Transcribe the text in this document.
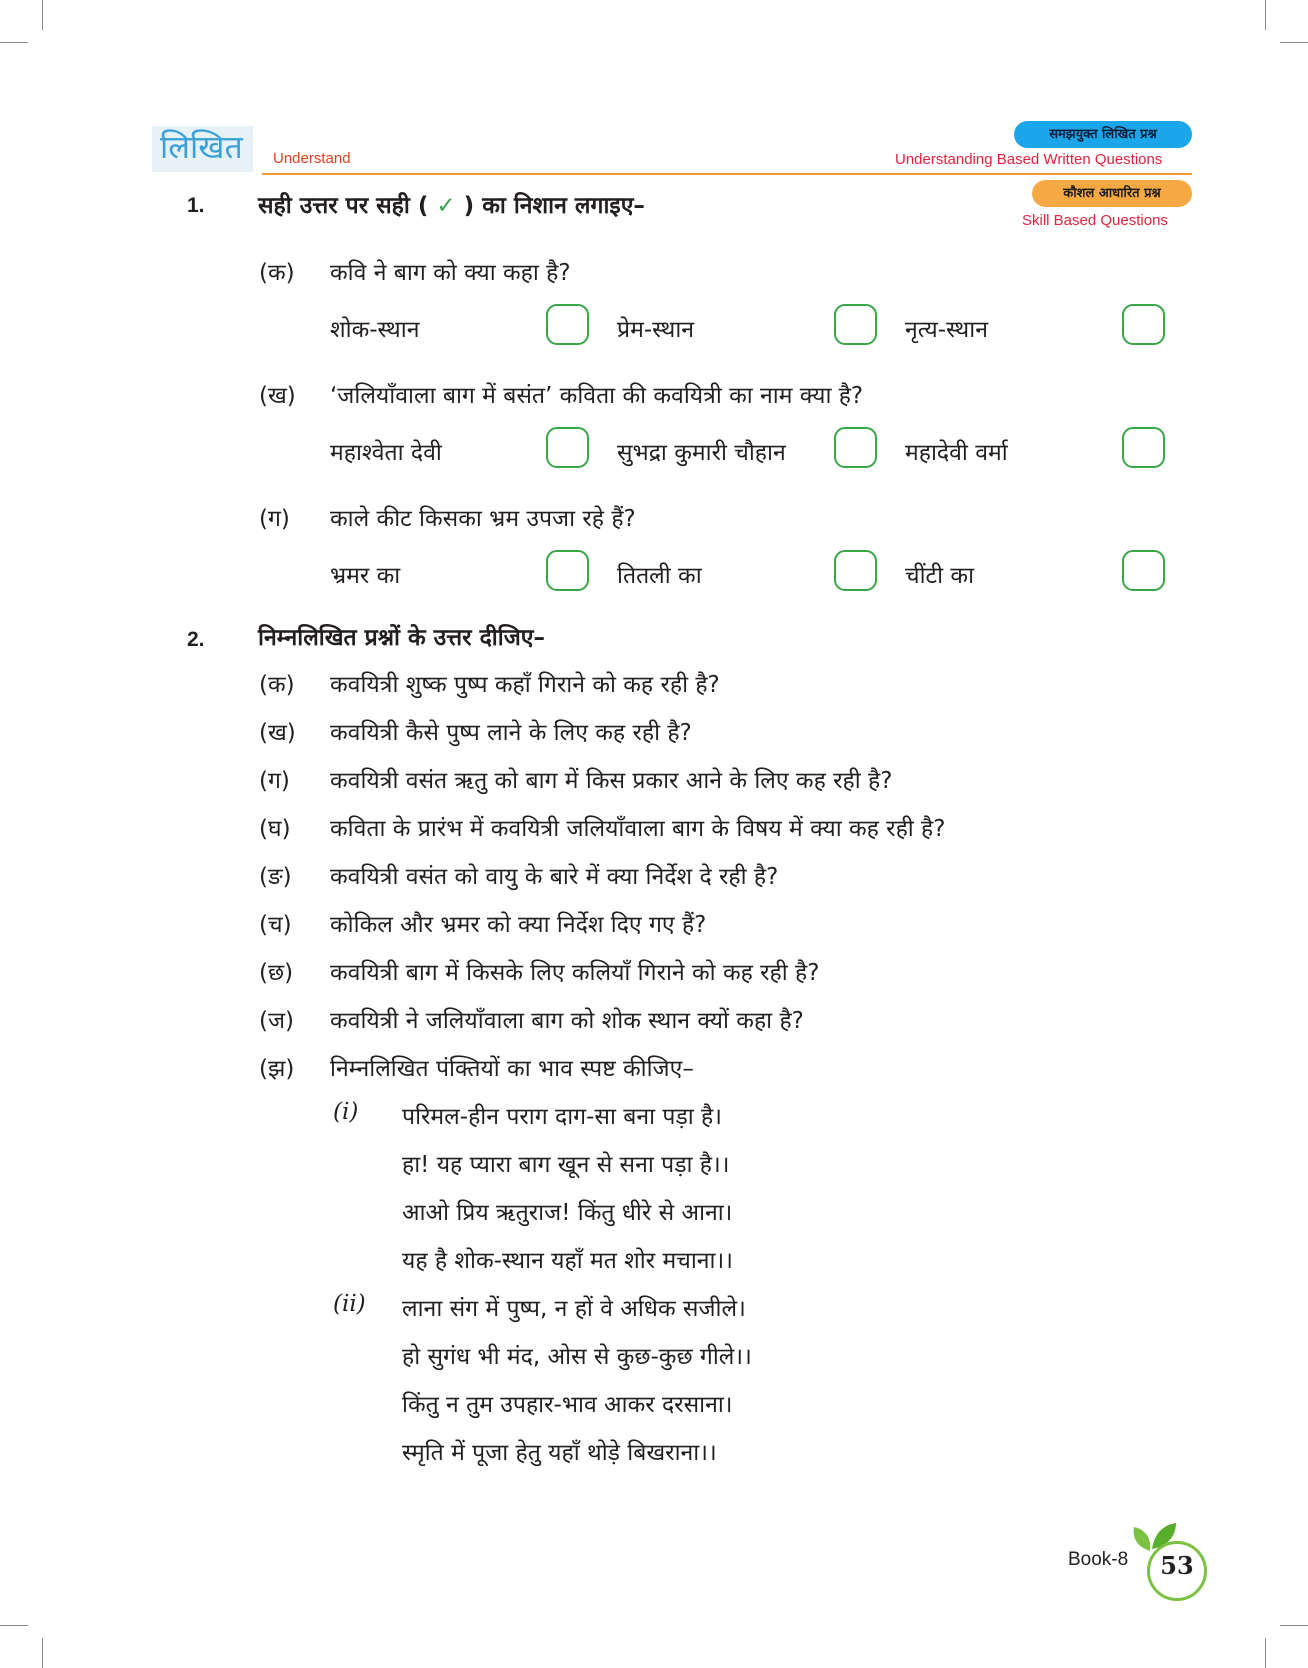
लिखित	Understand
समझयुक्त लिखित प्रश्न
Understanding Based Written Questions
कौशल आधारित प्रश्न
Skill Based Questions
1. सही उत्तर पर सही ( ✓ ) का निशान लगाइए–
(क) कवि ने बाग को क्या कहा है?
शोक-स्थान	प्रेम-स्थान	नृत्य-स्थान
(ख) ‘जलियाँवाला बाग में बसंत’ कविता की कवयित्री का नाम क्या है?
महाश्वेता देवी	सुभद्रा कुमारी चौहान	महादेवी वर्मा
(ग) काले कीट किसका भ्रम उपजा रहे हैं?
भ्रमर का	तितली का	चींटी का
2. निम्नलिखित प्रश्नों के उत्तर दीजिए–
(क) कवयित्री शुष्क पुष्प कहाँ गिराने को कह रही है?
(ख) कवयित्री कैसे पुष्प लाने के लिए कह रही है?
(ग) कवयित्री वसंत ऋतु को बाग में किस प्रकार आने के लिए कह रही है?
(घ) कविता के प्रारंभ में कवयित्री जलियाँवाला बाग के विषय में क्या कह रही है?
(ङ) कवयित्री वसंत को वायु के बारे में क्या निर्देश दे रही है?
(च) कोकिल और भ्रमर को क्या निर्देश दिए गए हैं?
(छ) कवयित्री बाग में किसके लिए कलियाँ गिराने को कह रही है?
(ज) कवयित्री ने जलियाँवाला बाग को शोक स्थान क्यों कहा है?
(झ) निम्नलिखित पंक्तियों का भाव स्पष्ट कीजिए–
(i) परिमल-हीन पराग दाग-सा बना पड़ा है।
हा! यह प्यारा बाग खून से सना पड़ा है।।
आओ प्रिय ऋतुराज! किंतु धीरे से आना।
यह है शोक-स्थान यहाँ मत शोर मचाना।।
(ii) लाना संग में पुष्प, न हों वे अधिक सजीले।
हो सुगंध भी मंद, ओस से कुछ-कुछ गीले।।
किंतु न तुम उपहार-भाव आकर दरसाना।
स्मृति में पूजा हेतु यहाँ थोड़े बिखराना।।
Book-8	53
